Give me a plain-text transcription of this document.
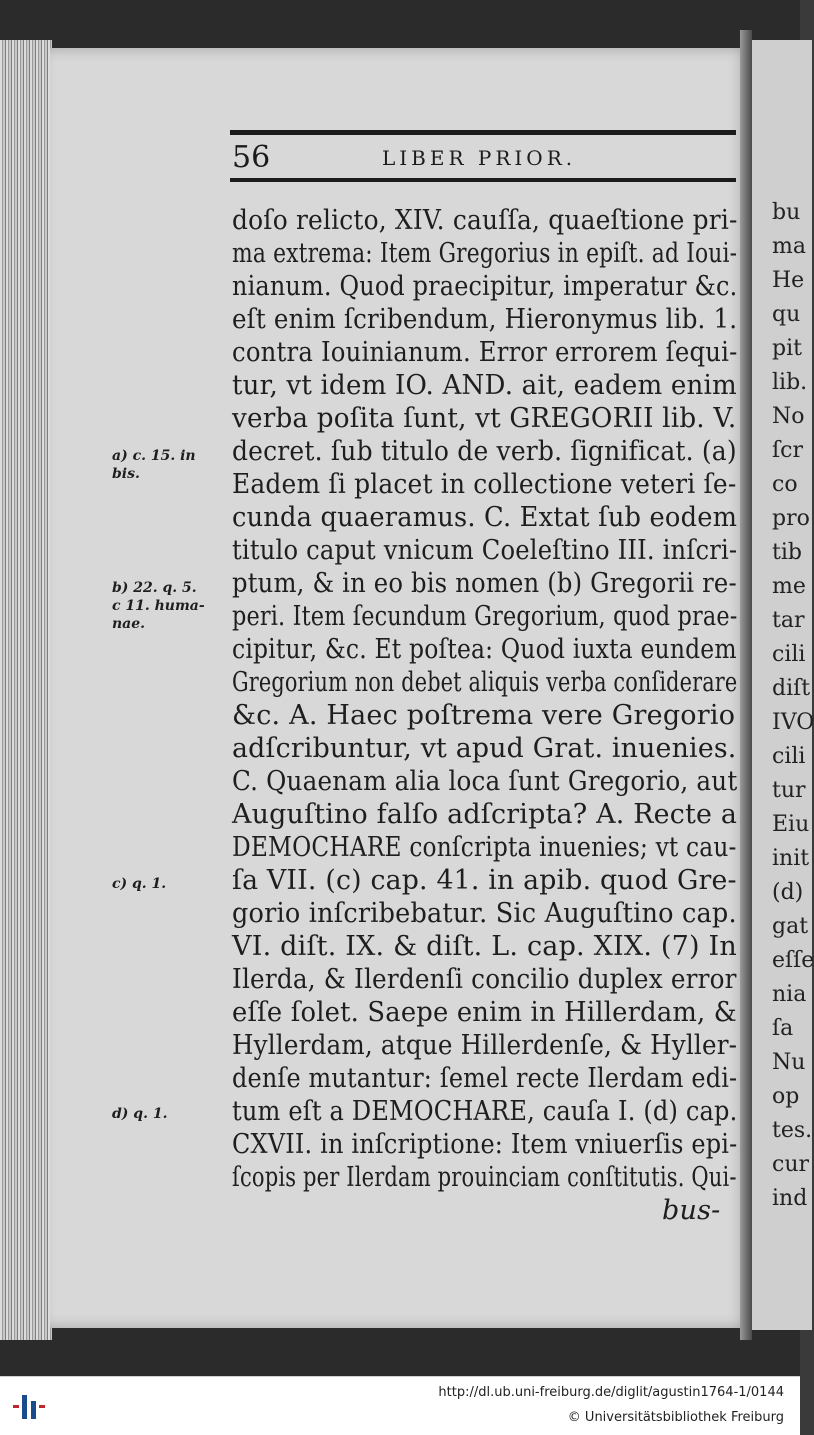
bu
ma
He
qu
pit
lib.
No
ſcr
co
pro
tib
me
tar
cili
diſt
IVO
cili
tur
Eiu
init
(d)
gat
eſſe
nia
ſa
Nu
op
tes.
cur
ind
56	LIBER PRIOR.
doſo relicto, XIV. cauſſa, quaeſtione pri-
ma extrema: Item Gregorius in epiſt. ad Ioui-
nianum. Quod praecipitur, imperatur &c.
eſt enim ſcribendum, Hieronymus lib. 1.
contra Iouinianum. Error errorem ſequi-
tur, vt idem IO. AND. ait, eadem enim
verba poſita ſunt, vt GREGORII lib. V.
decret. ſub titulo de verb. ſignificat. (a)
Eadem ſi placet in collectione veteri ſe-
cunda quaeramus. C. Extat ſub eodem
titulo caput vnicum Coeleſtino III. inſcri-
ptum, & in eo bis nomen (b) Gregorii re-
peri. Item ſecundum Gregorium, quod prae-
cipitur, &c. Et poſtea: Quod iuxta eundem
Gregorium non debet aliquis verba conſiderare
&c. A. Haec poſtrema vere Gregorio
adſcribuntur, vt apud Grat. inuenies.
C. Quaenam alia loca ſunt Gregorio, aut
Auguſtino falſo adſcripta? A. Recte a
DEMOCHARE conſcripta inuenies; vt cau-
ſa VII. (c) cap. 41. in apib. quod Gre-
gorio inſcribebatur. Sic Auguſtino cap.
VI. diſt. IX. & diſt. L. cap. XIX. (7) In
Ilerda, & Ilerdenſi concilio duplex error
eſſe ſolet. Saepe enim in Hillerdam, &
Hyllerdam, atque Hillerdenſe, & Hyller-
denſe mutantur: ſemel recte Ilerdam edi-
tum eſt a DEMOCHARE, cauſa I. (d) cap.
CXVII. in inſcriptione: Item vniuerſis epi-
ſcopis per Ilerdam prouinciam conſtitutis. Qui-
bus-
a) c. 15. in
bis.
b) 22. q. 5.
c 11. huma-
nae.
c) q. 1.
d) q. 1.
http://dl.ub.uni-freiburg.de/diglit/agustin1764-1/0144
© Universitätsbibliothek Freiburg
